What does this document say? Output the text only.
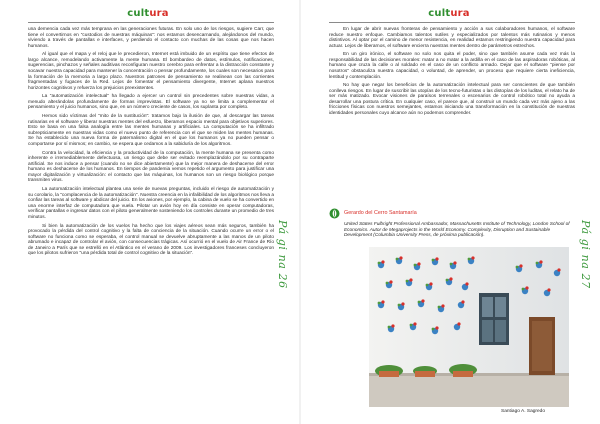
cultura

una demencia cada vez más temprana en las generaciones futuras. En solo uno de los riesgos, sugiere Carr, que tiene el convertirnos en "custodios de nuestras máquinas": nos estamos desencarnando, alejándonos del mundo, viviendo a través de pantallas e interfaces, y perdiendo el contacto con muchas de las cosas que nos hacen humanos.

Al igual que el mapa y el reloj que le precedieron, Internet está imbuido de un espíritu que tiene efectos de largo alcance, remodelando activamente la mente humana. El bombardeo de datos, estímulos, notificaciones, sugerencias, pinchazos y señales auditivas reconfiguran nuestro cerebro para enfrentar a la distracción constante y socavar nuestra capacidad para mantener la concentración o pensar profundamente, los cuales son necesarios para la formación de la memoria a largo plazo. Nuestros patrones de pensamiento se realinean con las corrientes fragmentadas y fugaces de la Red. Lejos de fomentar el pensamiento divergente, Internet aplana nuestros horizontes cognitivos y refuerza los prejuicios preexistentes.

La "automatización intelectual" ha llegado a ejercer un control sin precedentes sobre nuestras vidas, a menudo alterándolas profundamente de formas imprevistas. El software ya no se limita a complementar el pensamiento y el juicio humanos, sino que, en un número creciente de casos, los suplanta por completo.

Hemos sido víctimas del "mito de la sustitución": tratamos bajo la ilusión de que, al descargar las tareas rutinarias en el software y liberar nuestras mentes del esfuerzo, liberamos espacio mental para objetivos superiores. Esto se basa en una falsa analogía entre las mentes humanas y artificiales. La computación se ha infiltrado subrepticiamente en nuestras vidas como el nuevo punto de referencia con el que se miden las mentes humanas. Se ha establecido una nueva forma de paternalismo digital en el que los humanos ya no pueden pensar o comportarse por sí mismos; en cambio, se espera que cedamos a la sabiduría de los algoritmos.

Contra la velocidad, la eficiencia y la productividad de la computación, la mente humana se presenta como inherente e irremediablemente defectuosa, un riesgo que debe ser evitado reemplazándolo por su contraparte artificial. Se nos induce a pensar (cuando no se dice abiertamente) que la mejor manera de deshacerse del error humano es deshacerse de los humanos. En tiempos de pandemia vemos repetido el argumento para justificar una mayor digitalización y virtualización: el contacto que las máquinas, los humanos son un riesgo biológico porque transmiten virus.

La automatización intelectual plantea una serie de nuevas preguntas, incluido el riesgo de automatización y su corolario, la "complacencia de la automatización". Nuestra creencia en la infalibilidad de los algoritmos nos lleva a confiar las tareas al software y abdicar del juicio. En los aviones, por ejemplo, la cabina de vuelo se ha convertido en una enorme interfaz de computadora que vuela. Pilotar un avión hoy en día consiste en operar computadoras, verificar pantallas e ingresar datos con el piloto generalmente sosteniendo los controles durante un promedio de tres minutos.

Si bien la automatización de los vuelos ha hecho que los viajes aéreos sean más seguros, también ha provocado la pérdida del control cognitivo y la falta de conciencia de la situación. Cuando ocurre un error o el software no funciona como se esperaba, el control manual se devuelve abruptamente a las manos de un piloto abrumado e incapaz de controlar el avión, con consecuencias trágicas. Así ocurrió en el vuelo de Air France de Río de Janeiro a París que se estrelló en el Atlántico en el verano de 2009. Los investigadores franceses concluyeron que los pilotos sufrieron "una pérdida total de control cognitivo de la situación".	Pá gi na 26
cultura

En lugar de abrir nuevas fronteras de pensamiento y acción a sus colaboradores humanos, el software reduce nuestro enfoque. Cambiamos talentos sutiles y especializados por talentos más rutinarios y menos distintivos. Al optar por el camino de menor resistencia, en realidad estamos restringiendo nuestra capacidad para actuar. Lejos de liberarnos, el software encierra nuestras mentes dentro de parámetros estrechos.

En un giro irónico, el software no solo nos quita el poder, sino que también asume cada vez más la responsabilidad de las decisiones morales: matar a no matar a la ardilla en el caso de las aspiradoras robóticas, al humano que cruza la calle o al soldado en el caso de un conflicto armado. Dejar que el software "piense por nosotros" obstaculiza nuestra capacidad, o voluntad, de aprender, un proceso que requiere cierta ineficiencia, lentitud y contemplación.

No hay que negar los beneficios de la automatización intelectual para ser conscientes de que también conlleva riesgos. En lugar de suscribir las utopías de los tecno-futuristas o las distopías de los luditas, el relato ha de ser más matizado. Evocar visiones de paraísos terrenales o escenarios de control robótico total no ayuda a desarrollar una postura crítica. En cualquier caso, el parece que, al construir un mundo cada vez más ajeno a las fricciones físicas con nuestros semejantes, estamos iniciando una transformación en la constitución de nuestras identidades personales cuyo alcance aún no podemos comprender.

Gerardo del Cerro Santamaría

United States Fulbright Professional Ambassador, Massachusetts Institute of Technology, London School of Economics. Autor de Megaprojects in the World Economy. Complexity, Disruption and Sustainable Development (Columbia University Press, de próxima publicación).

Santiago A. Sagredo
Pá gi na 27
